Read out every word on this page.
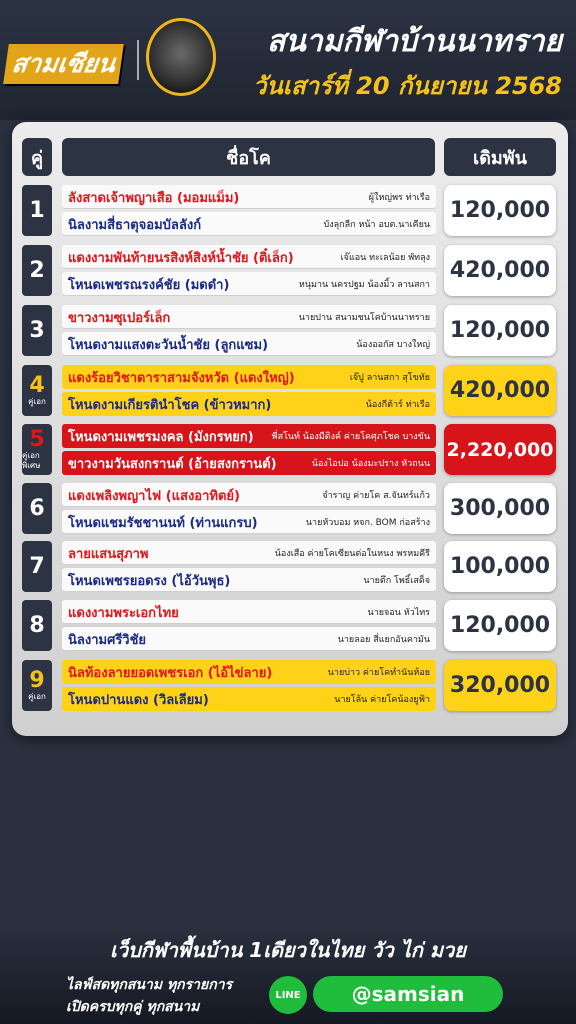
สามเซียน
สนามกีฬาบ้านนาทราย
วันเสาร์ที่ 20 กันยายน 2568
คู่	ชื่อโค	เดิมพัน
1 ลังสาดเจ้าพญาเสือ (มอมแม็ม)	ผู้ใหญ่พร ท่าเรือ
นิลงามสี่ธาตุจอมบัลลังก์	บังลุกลีก หน้า อบต.นาเคียน
120,000
2 แดงงามพันท้ายนรสิงห์สิงห์น้ำชัย (ติ๋เล็ก)	เจ๊แอน ทะเลน้อย พัทลุง
โหนดเพชรณรงค์ชัย (มดดำ)	หนุมาน นครปฐม น้องมิ้ว ลานสกา
420,000
3 ขาวงามซุเปอร์เล็ก	นายปาน สนามชนโคบ้านนาทราย
โหนดงามแสงตะวันน้ำชัย (ลูกแซม)	น้องออกัส บางใหญ่
120,000
4
คู่เอก
แดงร้อยวิชาดาราสามจังหวัด (แดงใหญ่)	เจ๊ปู ลานสกา สุโขทัย
โหนดงามเกียรตินำโชค (ข้าวหมาก)	น้องกีต้าร์ ท่าเรือ
420,000
5
คู่เอกพิเศษ
โหนดงามเพชรมงคล (มังกรหยก) พี่สโนท์ น้องมีดิงค์ ค่ายโคศุภโชค บางขัน
ขาวงามวันสงกรานต์ (อ้ายสงกรานต์)	น้องไอปอ น้องมะปราง หัวถนน
2,220,000
6 แดงเพลิงพญาไฟ (แสงอาทิตย์)	จำราญ ค่ายโค ส.จันทร์แก้ว
โหนดแชมรัชชานนท์ (ท่านแกรบ)	นายหัวบอม หจก. BOM ก่อสร้าง
300,000
7 ลายแสนสุภาพ	น้องเสือ ค่ายโคเซียนต่อในหนง พรหมคีรี
โหนดเพชรยอดรง (ไอ้วันพุธ)	นายตึก โพธิ์เสด็จ
100,000
8 แดงงามพระเอกไทย	นายจอน หัวไทร
นิลงามศรีวิชัย	นายลอย สี่แยกอันคามัน
120,000
9
คู่เอก
นิลท้องลายยอดเพชรเอก (ไอ้ไข่ลาย)	นายบ่าว ค่ายโคทำนันห้อย
โหนดปานแดง (วิลเลียม)	นายโล้น ค่ายโคน้องยูฟ้า
320,000
เว็บกีฬาพื้นบ้าน 1เดียวในไทย วัว ไก่ มวย
ไลฟ์สดทุกสนาม ทุกรายการ
เปิดครบทุกคู่ ทุกสนาม
LINE	@samsian
